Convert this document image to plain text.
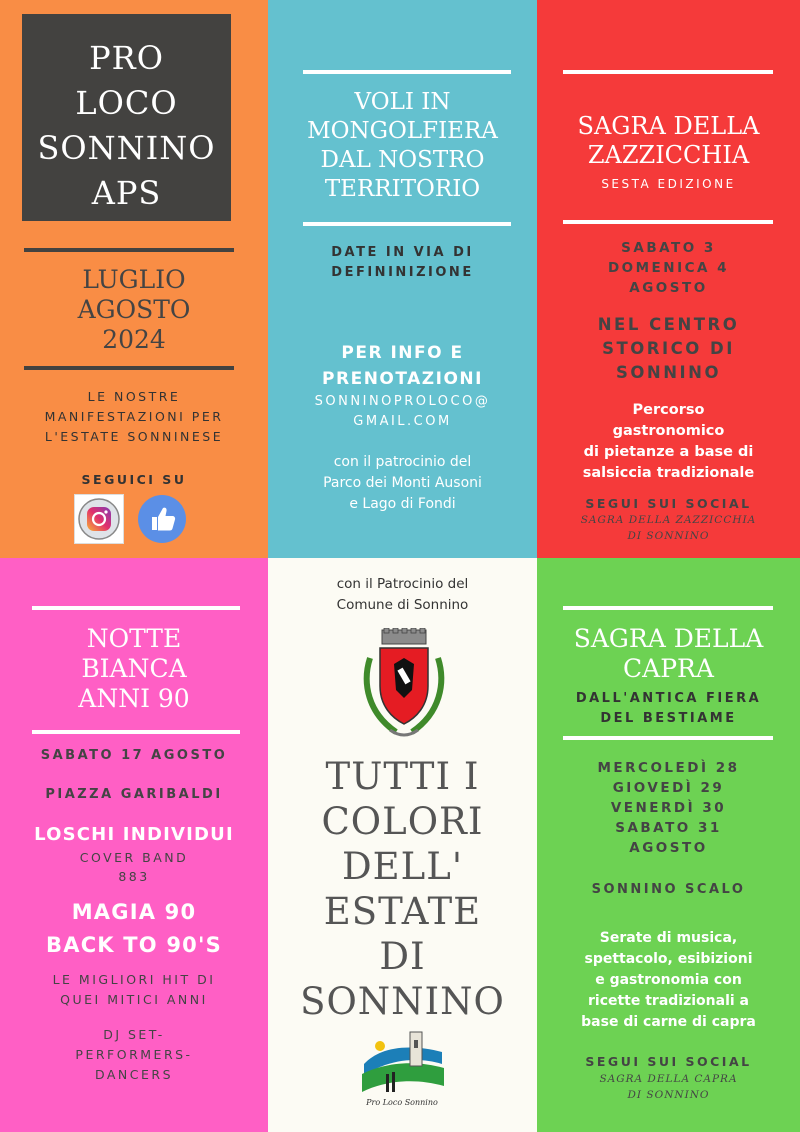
PRO
LOCO
SONNINO
APS
LUGLIO
AGOSTO
2024
LE NOSTRE
MANIFESTAZIONI PER
L'ESTATE SONNINESE
SEGUICI SU
VOLI IN
MONGOLFIERA
DAL NOSTRO
TERRITORIO
DATE IN VIA DI
DEFININIZIONE
PER INFO E
PRENOTAZIONI
SONNINOPROLOCO@
GMAIL.COM
con il patrocinio del
Parco dei Monti Ausoni
e Lago di Fondi
SAGRA DELLA
ZAZZICCHIA
SESTA EDIZIONE
SABATO 3
DOMENICA 4
AGOSTO
NEL CENTRO
STORICO DI
SONNINO
Percorso
gastronomico
di pietanze a base di
salsiccia tradizionale
SEGUI SUI SOCIAL
SAGRA DELLA ZAZZICCHIA
DI SONNINO
NOTTE
BIANCA
ANNI 90
SABATO 17 AGOSTO
PIAZZA GARIBALDI
LOSCHI INDIVIDUI
COVER BAND
883
MAGIA 90
BACK TO 90'S
LE MIGLIORI HIT DI
QUEI MITICI ANNI
DJ SET-
PERFORMERS-
DANCERS
con il Patrocinio del
Comune di Sonnino
TUTTI I
COLORI
DELL'
ESTATE
DI
SONNINO
Pro Loco Sonnino
SAGRA DELLA
CAPRA
DALL'ANTICA FIERA
DEL BESTIAME
MERCOLEDÌ 28
GIOVEDÌ 29
VENERDÌ 30
SABATO 31
AGOSTO
SONNINO SCALO
Serate di musica,
spettacolo, esibizioni
e gastronomia con
ricette tradizionali a
base di carne di capra
SEGUI SUI SOCIAL
SAGRA DELLA CAPRA
DI SONNINO
